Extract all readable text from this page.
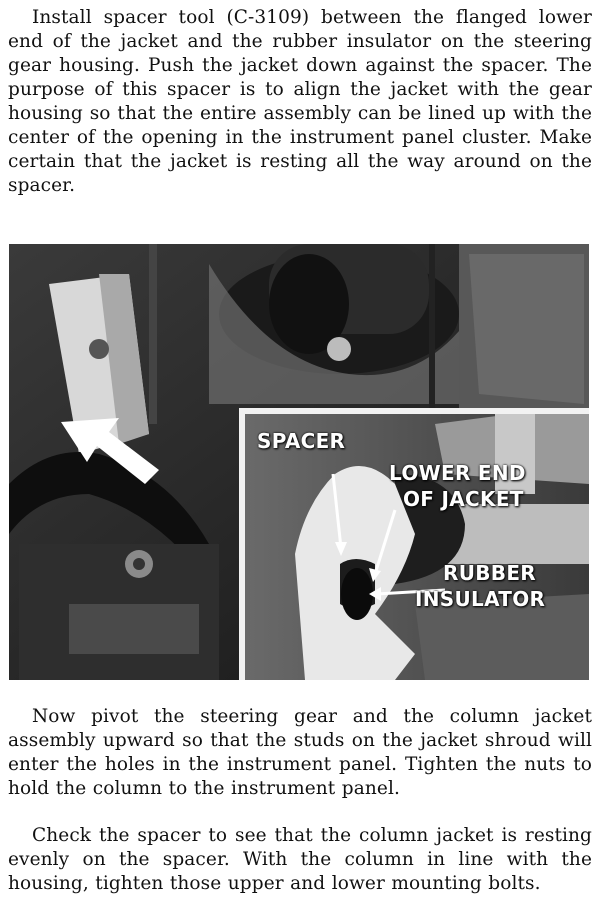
Install spacer tool (C-3109) between the flanged lower end of the jacket and the rubber insulator on the steering gear housing. Push the jacket down against the spacer. The purpose of this spacer is to align the jacket with the gear housing so that the entire assembly can be lined up with the center of the opening in the instrument panel cluster. Make certain that the jacket is resting all the way around on the spacer.

SPACER
LOWER END
OF JACKET
RUBBER
INSULATOR

Now pivot the steering gear and the column jacket assembly upward so that the studs on the jacket shroud will enter the holes in the instrument panel. Tighten the nuts to hold the column to the instrument panel.

Check the spacer to see that the column jacket is resting evenly on the spacer. With the column in line with the housing, tighten those upper and lower mounting bolts.
